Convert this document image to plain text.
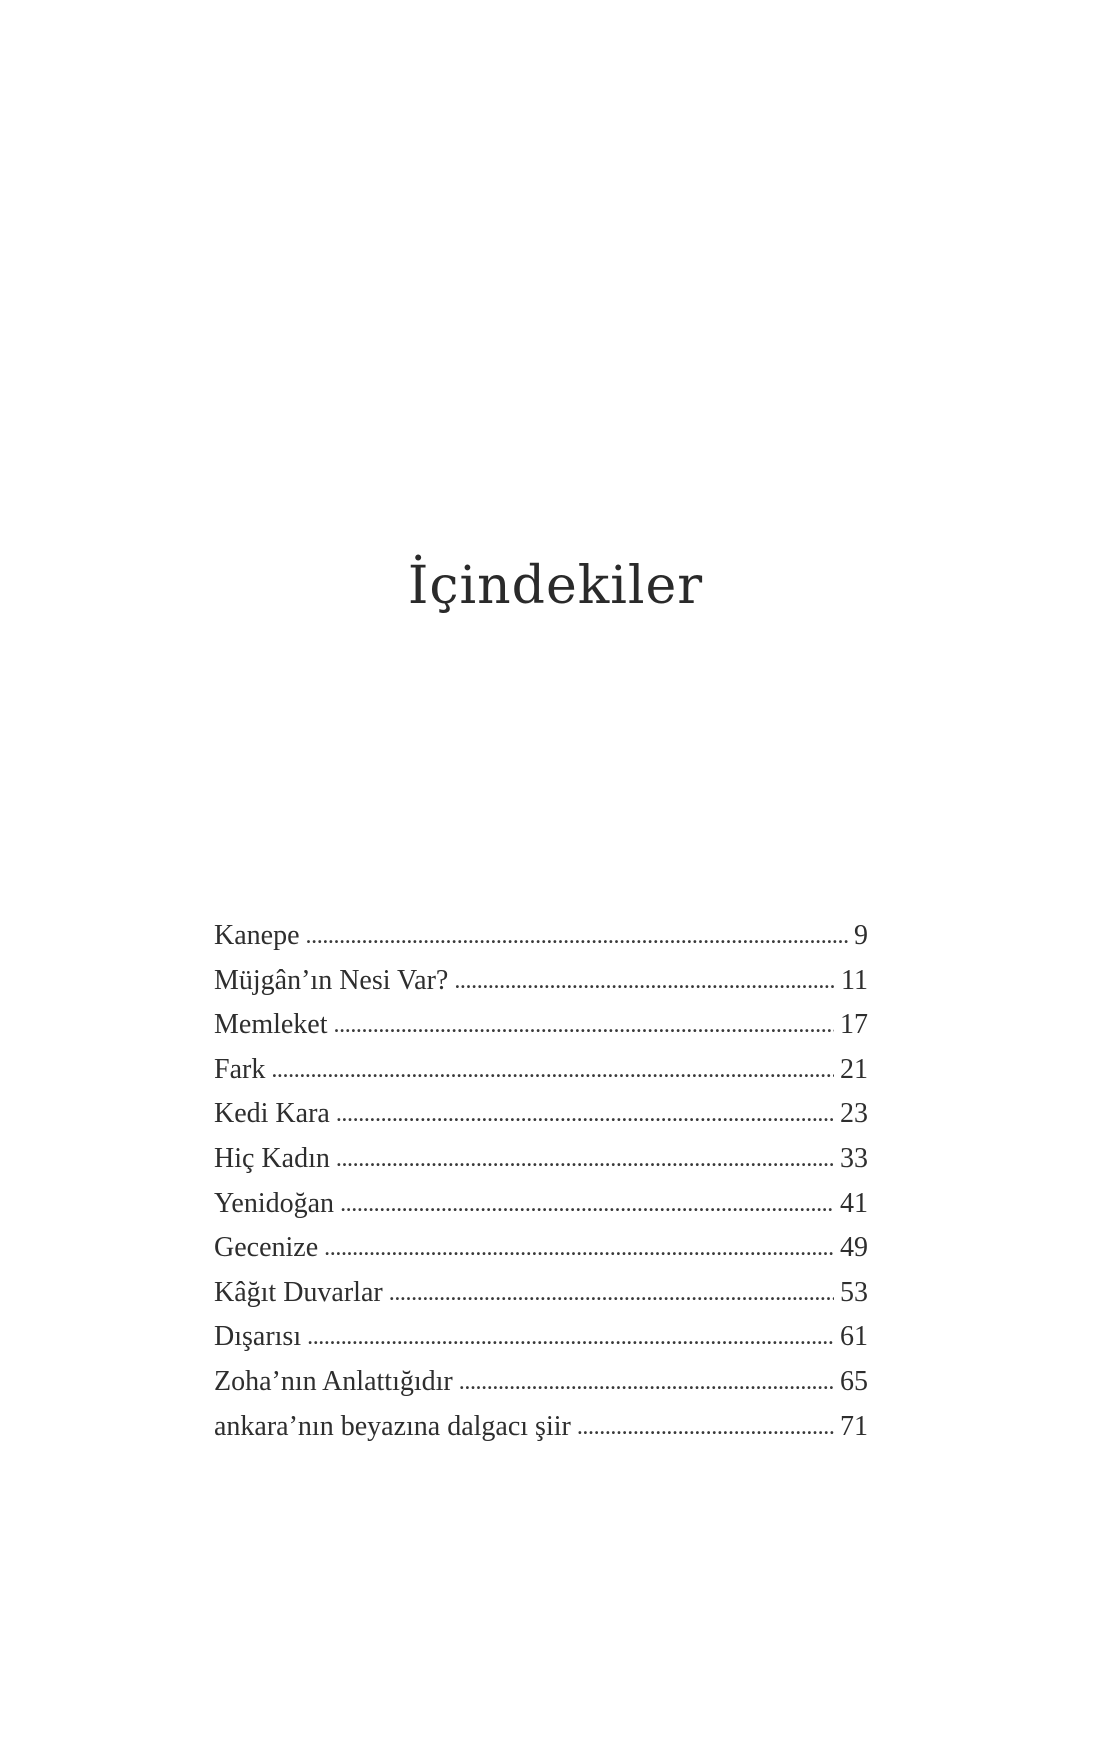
İçindekiler
Kanepe . . .	9
Müjgân’ın Nesi Var? . . .	11
Memleket . . .	17
Fark . . .	21
Kedi Kara . . .	23
Hiç Kadın . . .	33
Yenidoğan . . .	41
Gecenize . . .	49
Kâğıt Duvarlar . . .	53
Dışarısı . . .	61
Zoha’nın Anlattığıdır . . .	65
ankara’nın beyazına dalgacı şiir . . .	71
